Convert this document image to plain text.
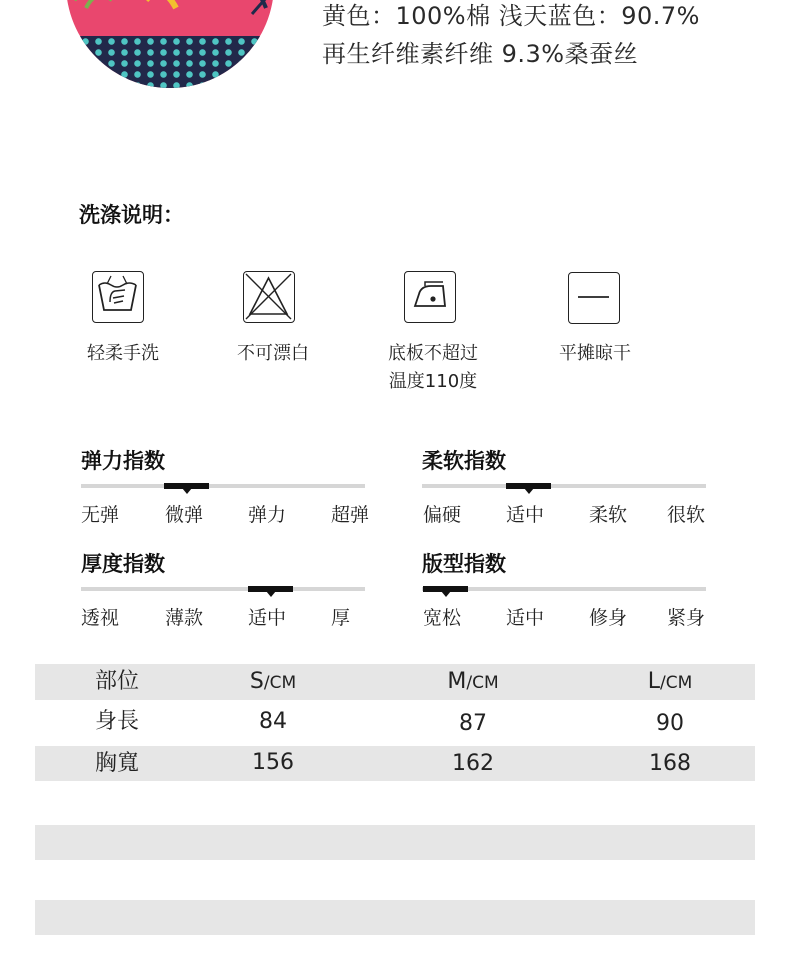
黄色：100%棉 浅天蓝色：90.7%
再生纤维素纤维 9.3%桑蚕丝
洗涤说明：
轻柔手洗	不可漂白	底板不超过
温度110度
平摊晾干
弹力指数
无弹 微弹 弹力 超弹
柔软指数
偏硬 适中 柔软 很软
厚度指数
透视 薄款 适中 厚
版型指数
宽松 适中 修身 紧身
部位	S/CM	M/CM	L/CM
身長	84	87	90
胸寬	156	162	168
